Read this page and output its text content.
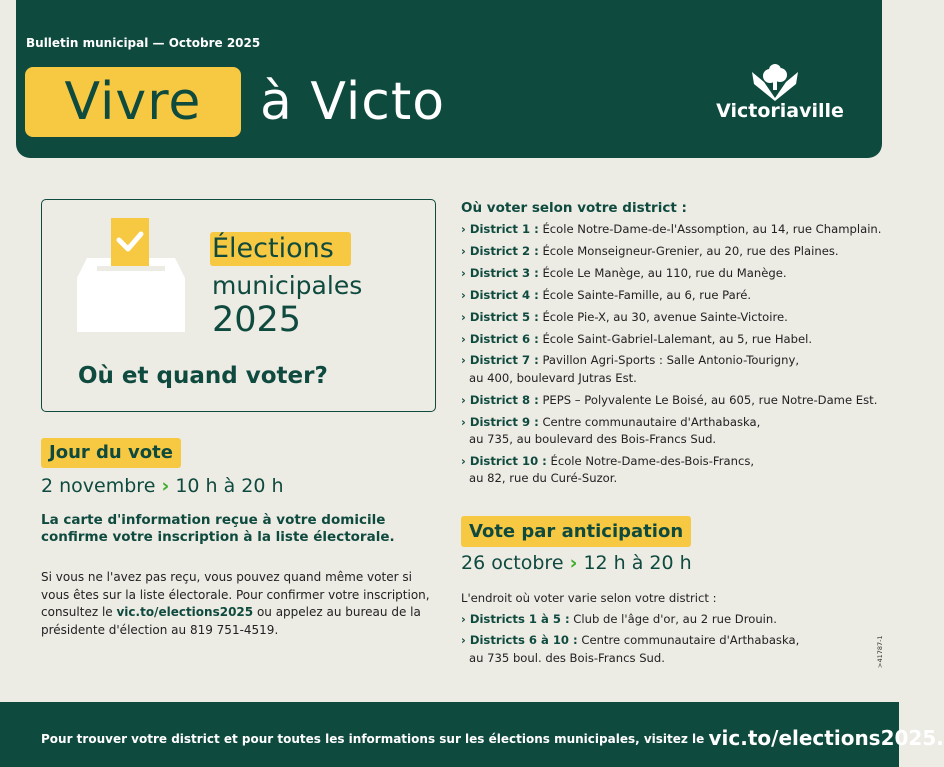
Bulletin municipal — Octobre 2025
Vivre	à Victo	Victoriaville
Élections
municipales
2025
Où et quand voter?
Jour du vote
2 novembre › 10 h à 20 h
La carte d'information reçue à votre domicile confirme votre inscription à la liste électorale.
Si vous ne l'avez pas reçu, vous pouvez quand même voter si vous êtes sur la liste électorale. Pour confirmer votre inscription, consultez le vic.to/elections2025 ou appelez au bureau de la présidente d'élection au 819 751-4519.
Où voter selon votre district :
› District 1 : École Notre-Dame-de-l'Assomption, au 14, rue Champlain.
› District 2 : École Monseigneur-Grenier, au 20, rue des Plaines.
› District 3 : École Le Manège, au 110, rue du Manège.
› District 4 : École Sainte-Famille, au 6, rue Paré.
› District 5 : École Pie-X, au 30, avenue Sainte-Victoire.
› District 6 : École Saint-Gabriel-Lalemant, au 5, rue Habel.
› District 7 : Pavillon Agri-Sports : Salle Antonio-Tourigny,
au 400, boulevard Jutras Est.
› District 8 : PEPS – Polyvalente Le Boisé, au 605, rue Notre-Dame Est.
› District 9 : Centre communautaire d'Arthabaska,
au 735, au boulevard des Bois-Francs Sud.
› District 10 : École Notre-Dame-des-Bois-Francs,
au 82, rue du Curé-Suzor.
Vote par anticipation
26 octobre › 12 h à 20 h
L'endroit où voter varie selon votre district :
› Districts 1 à 5 : Club de l'âge d'or, au 2 rue Drouin.
› Districts 6 à 10 : Centre communautaire d'Arthabaska,
au 735 boul. des Bois-Francs Sud.	>41787-1
Pour trouver votre district et pour toutes les informations sur les élections municipales, visitez le vic.to/elections2025.
